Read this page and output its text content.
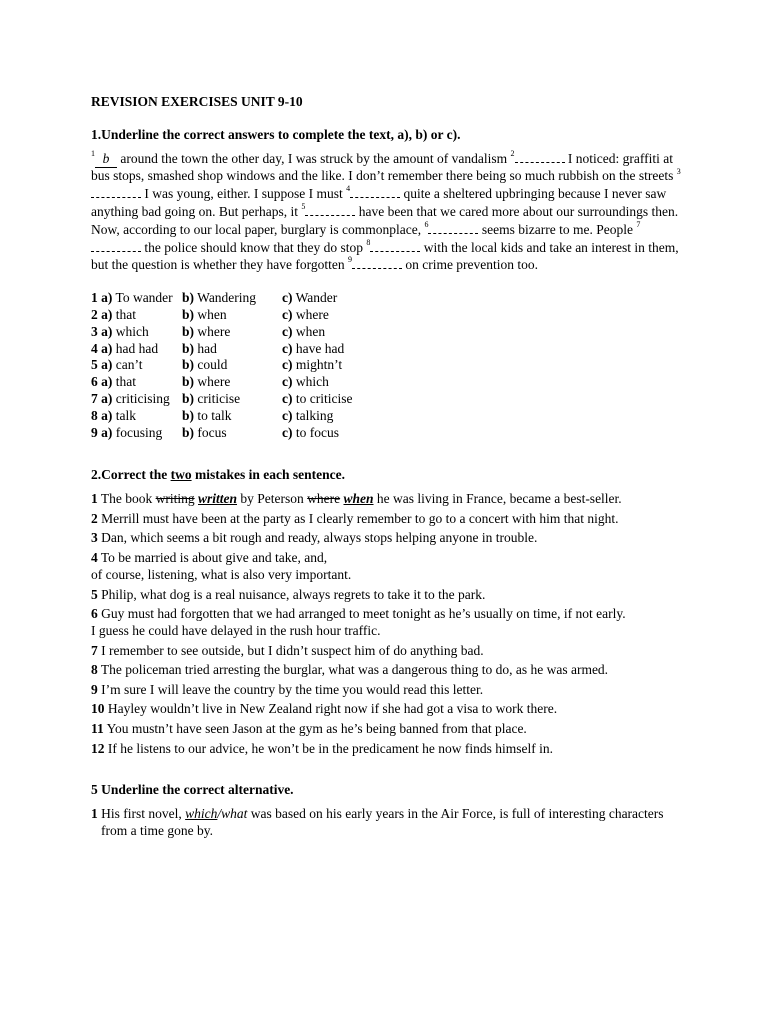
REVISION EXERCISES UNIT 9-10
1.Underline the correct answers to complete the text, a), b) or c).
$^1$ b around the town the other day, I was struck by the amount of vandalism $^2$	I noticed: graffiti at bus stops, smashed shop windows and the like. I don’t remember there being so much rubbish on the streets $^3$ I was young, either. I suppose I must $^4$	quite a sheltered upbringing because I never saw anything bad going on. But perhaps, it $^5$	have been that we cared more about our surroundings then. Now, according to our local paper, burglary is commonplace, $^6$	seems bizarre to me. People $^7$ the police should know that they do stop $^8$	with the local kids and take an interest in them, but the question is whether they have forgotten $^9$	on crime prevention too.
1 a) To wander	b) Wandering	c) Wander
2 a) that	b) when	c) where
3 a) which	b) where	c) when
4 a) had had	b) had	c) have had
5 a) can’t	b) could	c) mightn’t
6 a) that	b) where	c) which
7 a) criticising	b) criticise	c) to criticise
8 a) talk	b) to talk	c) talking
9 a) focusing	b) focus	c) to focus
2.Correct the two mistakes in each sentence.
1 The book writing written by Peterson where when he was living in France, became a best-seller.
2 Merrill must have been at the party as I clearly remember to go to a concert with him that night.
3 Dan, which seems a bit rough and ready, always stops helping anyone in trouble.
4 To be married is about give and take, and,
of course, listening, what is also very important.
5 Philip, what dog is a real nuisance, always regrets to take it to the park.
6 Guy must had forgotten that we had arranged to meet tonight as he’s usually on time, if not early.
I guess he could have delayed in the rush hour traffic.
7 I remember to see outside, but I didn’t suspect him of do anything bad.
8 The policeman tried arresting the burglar, what was a dangerous thing to do, as he was armed.
9 I’m sure I will leave the country by the time you would read this letter.
10 Hayley wouldn’t live in New Zealand right now if she had got a visa to work there.
11 You mustn’t have seen Jason at the gym as he’s being banned from that place.
12 If he listens to our advice, he won’t be in the predicament he now finds himself in.
5 Underline the correct alternative.
1 His first novel, which/what was based on his early years in the Air Force, is full of interesting characters from a time gone by.
